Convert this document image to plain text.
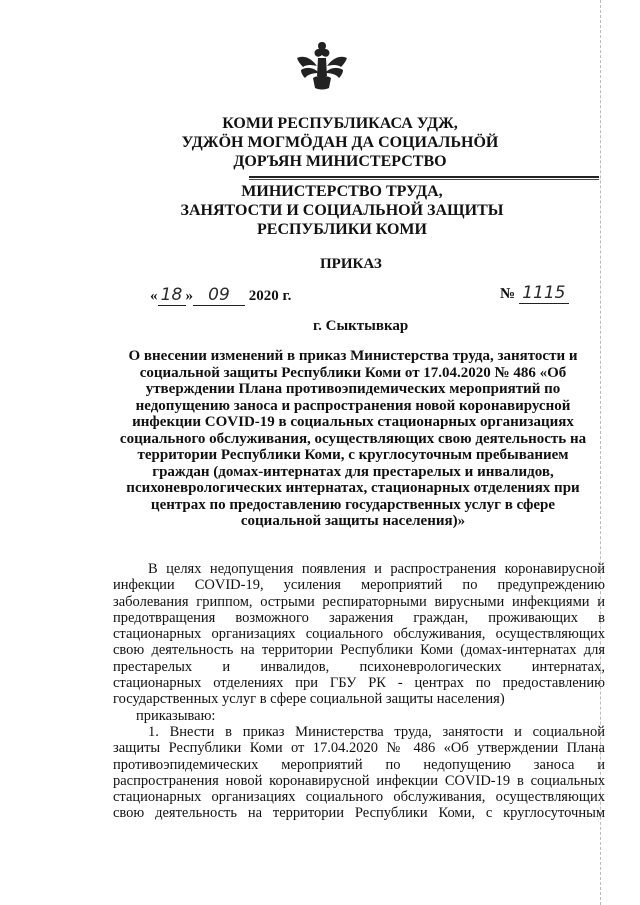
КОМИ РЕСПУБЛИКАСА УДЖ,
УДЖÖН МОГМÖДАН ДА СОЦИАЛЬНÖЙ
ДОРЪЯН МИНИСТЕРСТВО
МИНИСТЕРСТВО ТРУДА,
ЗАНЯТОСТИ И СОЦИАЛЬНОЙ ЗАЩИТЫ
РЕСПУБЛИКИ КОМИ
ПРИКАЗ
« 18 » 09 2020 г.	№ 1115
г. Сыктывкар
О внесении изменений в приказ Министерства труда, занятости и
социальной защиты Республики Коми от 17.04.2020 № 486 «Об
утверждении Плана противоэпидемических мероприятий по
недопущению заноса и распространения новой коронавирусной
инфекции COVID-19 в социальных стационарных организациях
социального обслуживания, осуществляющих свою деятельность на
территории Республики Коми, с круглосуточным пребыванием
граждан (домах-интернатах для престарелых и инвалидов,
психоневрологических интернатах, стационарных отделениях при
центрах по предоставлению государственных услуг в сфере
социальной защиты населения)»
В целях недопущения появления и распространения коронавирусной
инфекции COVID-19, усиления мероприятий по предупреждению
заболевания гриппом, острыми респираторными вирусными инфекциями и
предотвращения возможного заражения граждан, проживающих в
стационарных организациях социального обслуживания, осуществляющих
свою деятельность на территории Республики Коми (домах-интернатах для
престарелых и инвалидов, психоневрологических интернатах,
стационарных отделениях при ГБУ РК - центрах по предоставлению
государственных услуг в сфере социальной защиты населения)
приказываю:
1. Внести в приказ Министерства труда, занятости и социальной
защиты Республики Коми от 17.04.2020 № 486 «Об утверждении Плана
противоэпидемических мероприятий по недопущению заноса и
распространения новой коронавирусной инфекции COVID-19 в социальных
стационарных организациях социального обслуживания, осуществляющих
свою деятельность на территории Республики Коми, с круглосуточным
